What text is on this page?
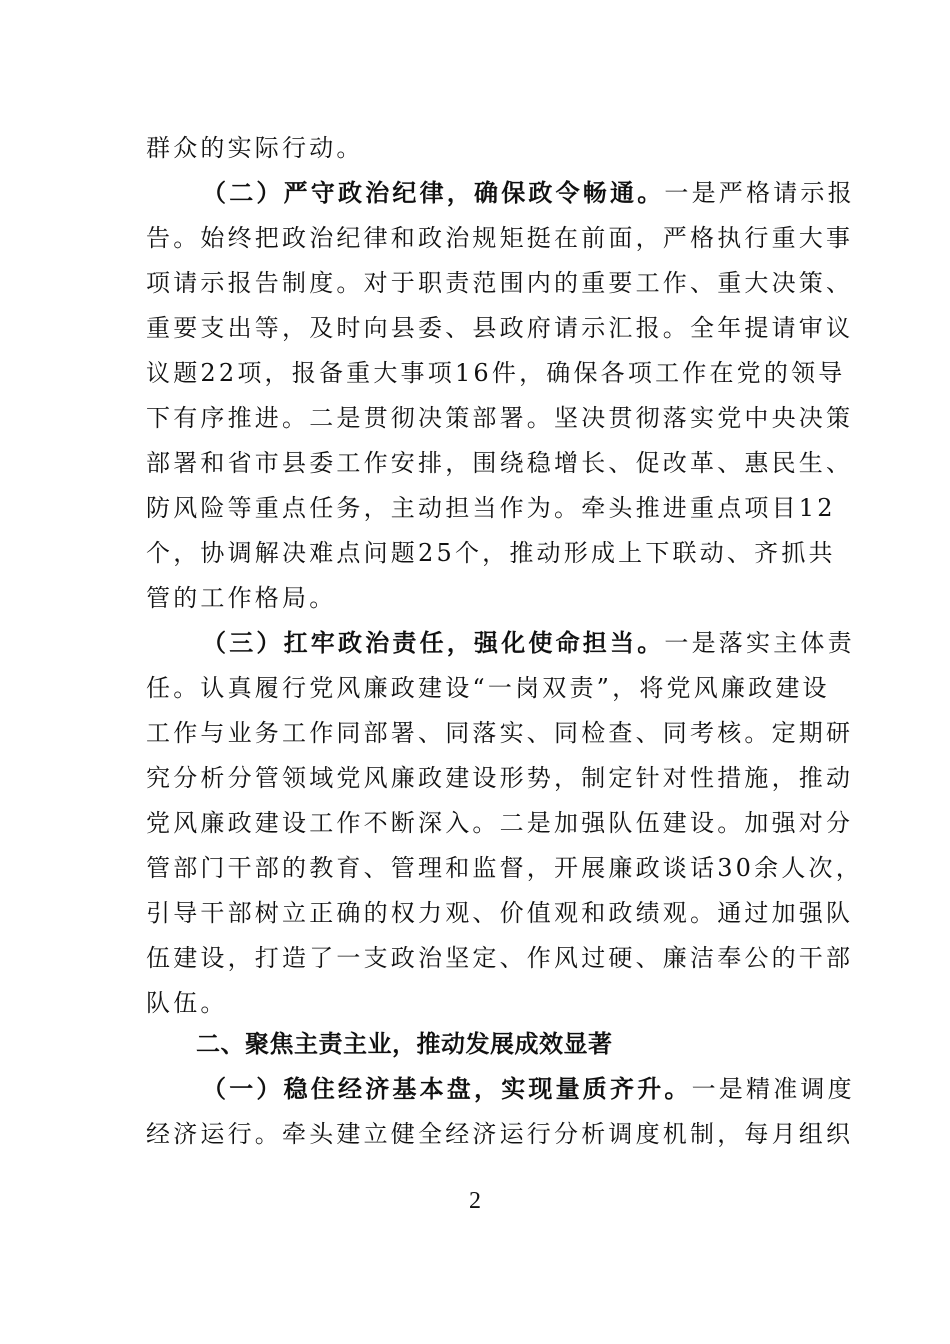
群众的实际行动。
（二）严守政治纪律，确保政令畅通。一是严格请示报
告。始终把政治纪律和政治规矩挺在前面，严格执行重大事
项请示报告制度。对于职责范围内的重要工作、重大决策、
重要支出等，及时向县委、县政府请示汇报。全年提请审议
议题22项，报备重大事项16件，确保各项工作在党的领导
下有序推进。二是贯彻决策部署。坚决贯彻落实党中央决策
部署和省市县委工作安排，围绕稳增长、促改革、惠民生、
防风险等重点任务，主动担当作为。牵头推进重点项目12
个，协调解决难点问题25个，推动形成上下联动、齐抓共
管的工作格局。
（三）扛牢政治责任，强化使命担当。一是落实主体责
任。认真履行党风廉政建设“一岗双责”，将党风廉政建设
工作与业务工作同部署、同落实、同检查、同考核。定期研
究分析分管领域党风廉政建设形势，制定针对性措施，推动
党风廉政建设工作不断深入。二是加强队伍建设。加强对分
管部门干部的教育、管理和监督，开展廉政谈话30余人次，
引导干部树立正确的权力观、价值观和政绩观。通过加强队
伍建设，打造了一支政治坚定、作风过硬、廉洁奉公的干部
队伍。
二、聚焦主责主业，推动发展成效显著
（一）稳住经济基本盘，实现量质齐升。一是精准调度
经济运行。牵头建立健全经济运行分析调度机制，每月组织
2
